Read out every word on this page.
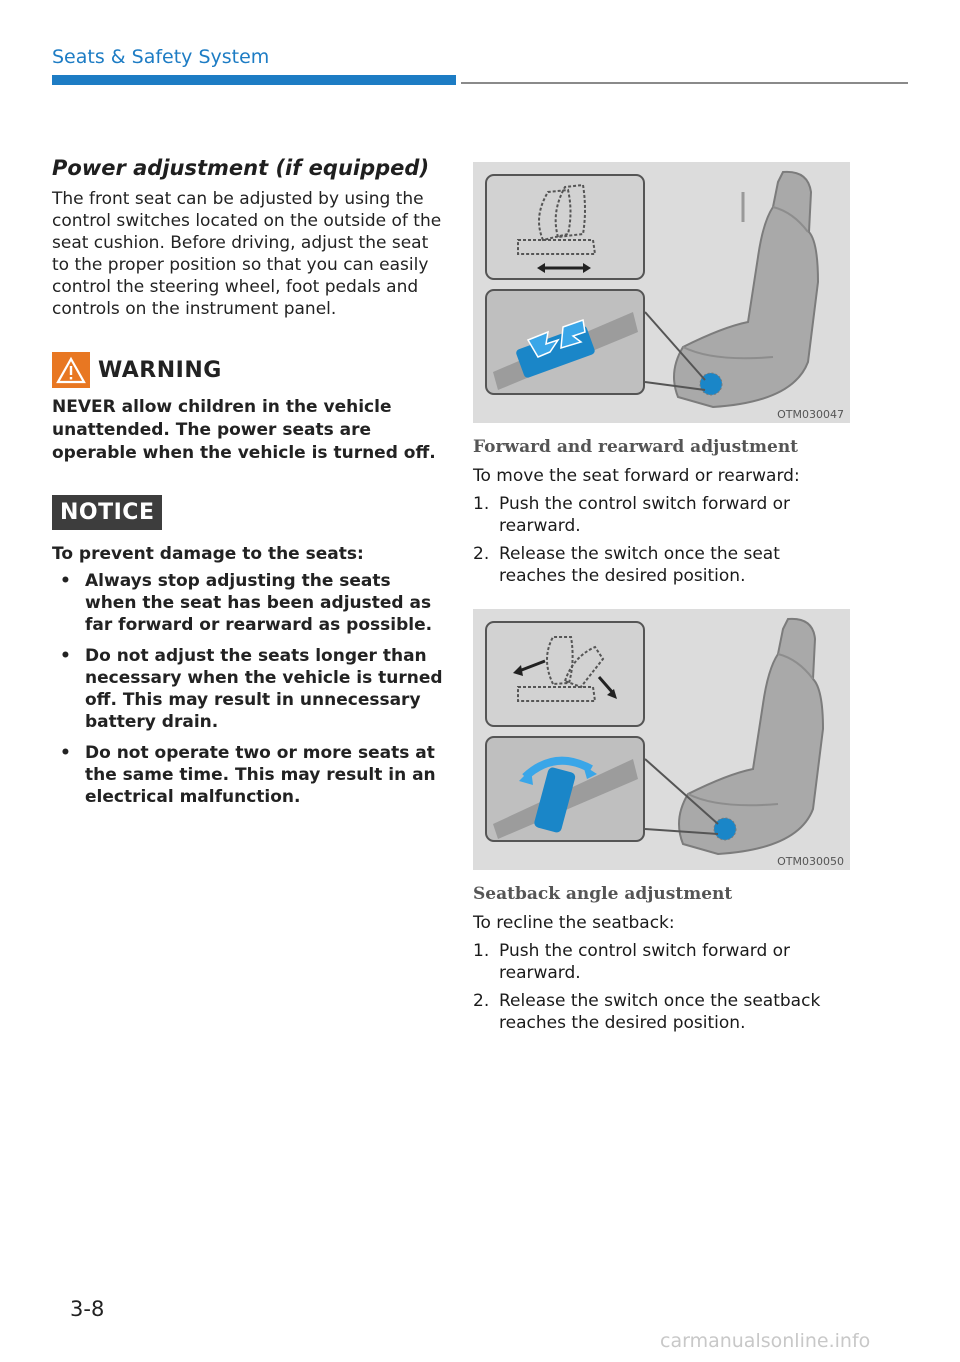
Seats & Safety System
Power adjustment (if equipped)

The front seat can be adjusted by using the control switches located on the outside of the seat cushion. Before driving, adjust the seat to the proper position so that you can easily control the steering wheel, foot pedals and controls on the instrument panel.

WARNING
NEVER allow children in the vehicle unattended. The power seats are operable when the vehicle is turned off.
NOTICE
To prevent damage to the seats:
• Always stop adjusting the seats when the seat has been adjusted as far forward or rearward as possible.
• Do not adjust the seats longer than necessary when the vehicle is turned off. This may result in unnecessary battery drain.
• Do not operate two or more seats at the same time. This may result in an electrical malfunction.
OTM030047
Forward and rearward adjustment

To move the seat forward or rearward:

1. Push the control switch forward or rearward.
2. Release the switch once the seat reaches the desired position.
OTM030050
Seatback angle adjustment

To recline the seatback:

1. Push the control switch forward or rearward.
2. Release the switch once the seatback reaches the desired position.
3-8
carmanualsonline.info
